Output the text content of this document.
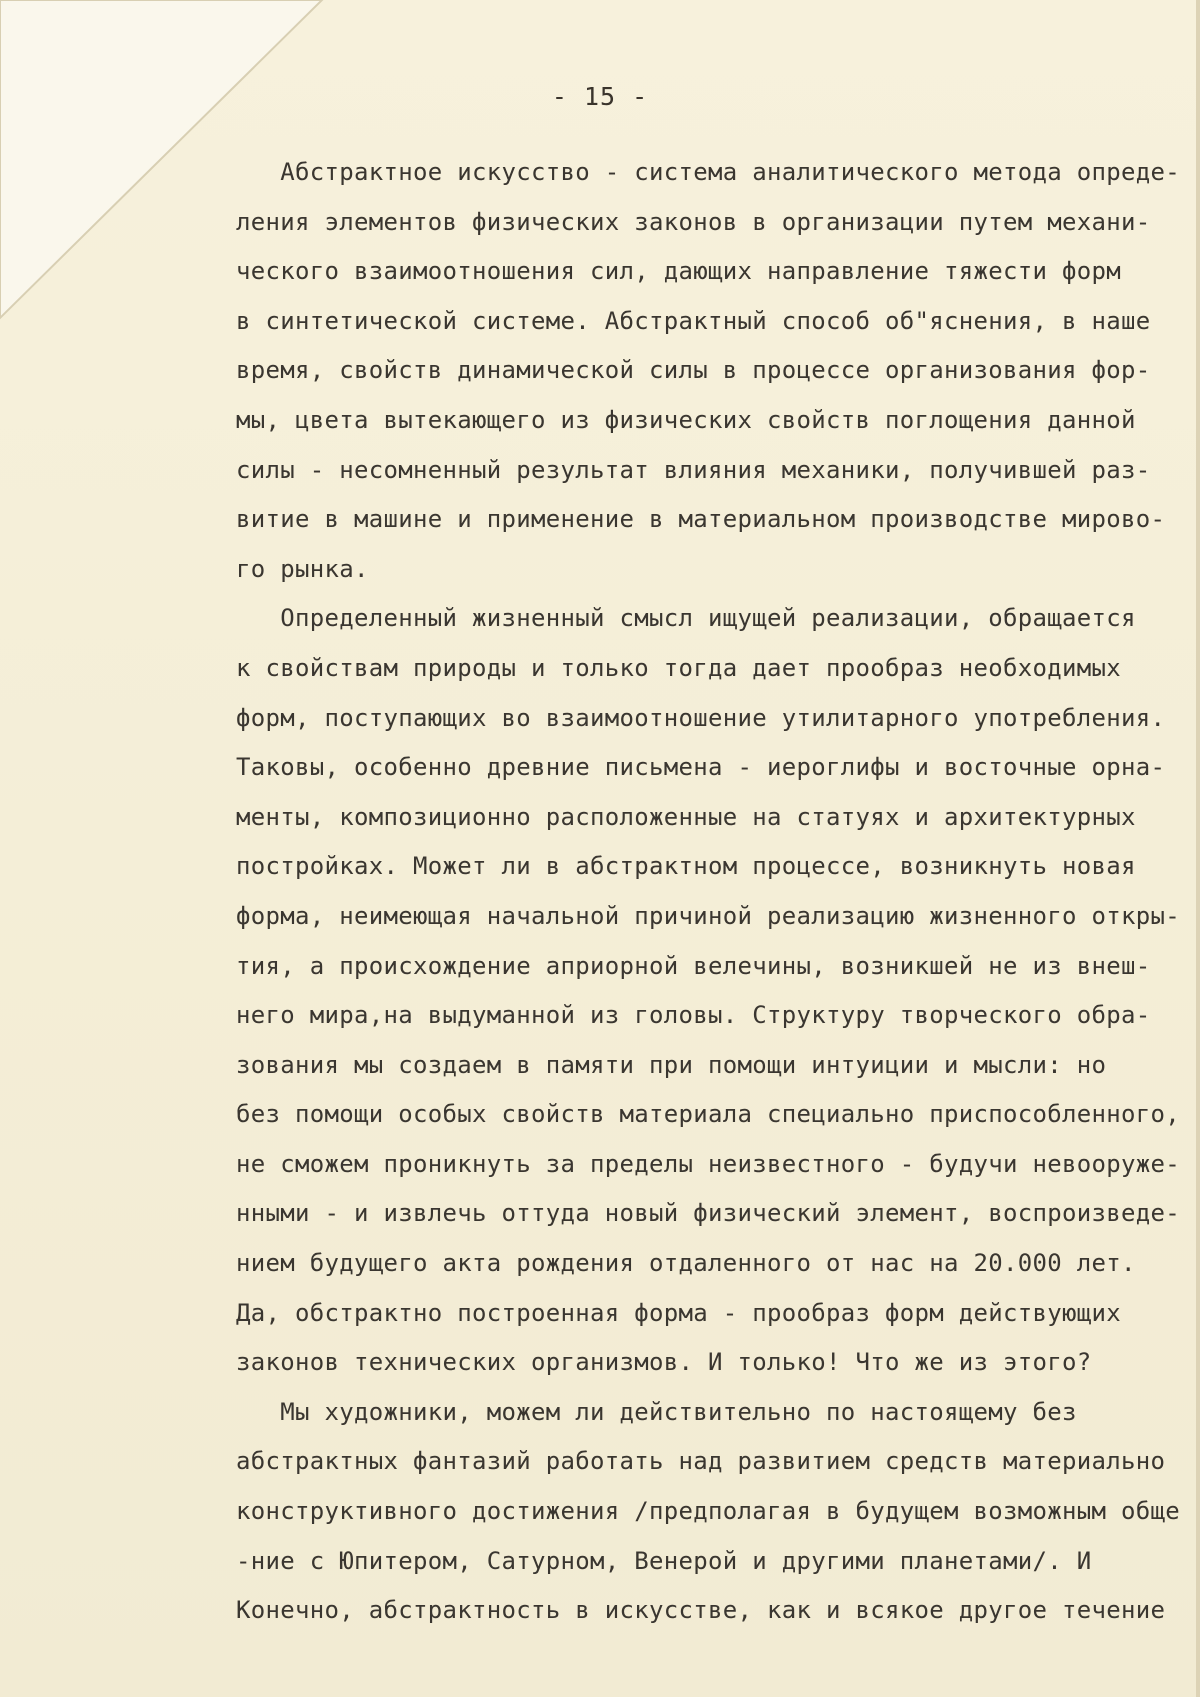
- 15 -
Абстрактное искусство - система аналитического метода опреде-
ления элементов физических законов в организации путем механи-
ческого взаимоотношения сил, дающих направление тяжести форм
в синтетической системе. Абстрактный способ об"яснения, в наше
время, свойств динамической силы в процессе организования фор-
мы, цвета вытекающего из физических свойств поглощения данной
силы - несомненный результат влияния механики, получившей раз-
витие в машине и применение в материальном производстве мирово-
го рынка.
Определенный жизненный смысл ищущей реализации, обращается
к свойствам природы и только тогда дает прообраз необходимых
форм, поступающих во взаимоотношение утилитарного употребления.
Таковы, особенно древние письмена - иероглифы и восточные орна-
менты, композиционно расположенные на статуях и архитектурных
постройках. Может ли в абстрактном процессе, возникнуть новая
форма, неимеющая начальной причиной реализацию жизненного откры-
тия, а происхождение априорной велечины, возникшей не из внеш-
него мира,на выдуманной из головы. Структуру творческого обра-
зования мы создаем в памяти при помощи интуиции и мысли: но
без помощи особых свойств материала специально приспособленного,
не сможем проникнуть за пределы неизвестного - будучи невооруже-
нными - и извлечь оттуда новый физический элемент, воспроизведе-
нием будущего акта рождения отдаленного от нас на 20.000 лет.
Да, обстрактно построенная форма - прообраз форм действующих
законов технических организмов. И только! Что же из этого?
Мы художники, можем ли действительно по настоящему без
абстрактных фантазий работать над развитием средств материально
конструктивного достижения /предполагая в будущем возможным обще
-ние с Юпитером, Сатурном, Венерой и другими планетами/. И
Конечно, абстрактность в искусстве, как и всякое другое течение
